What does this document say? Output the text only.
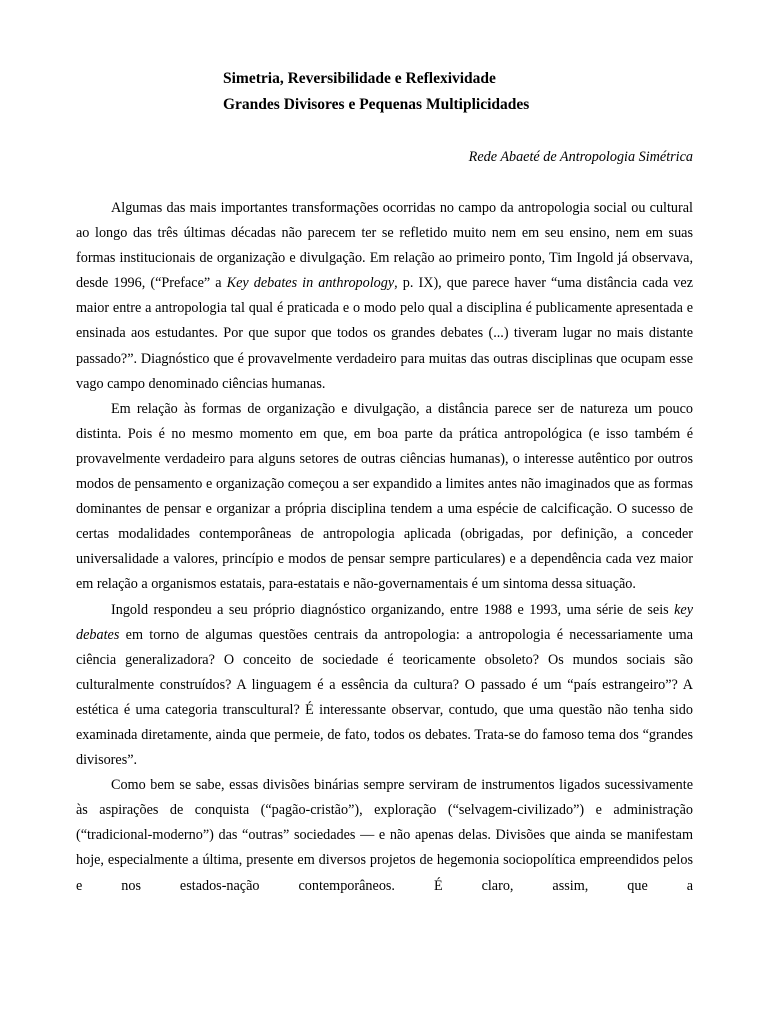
Simetria, Reversibilidade e Reflexividade
Grandes Divisores e Pequenas Multiplicidades
Rede Abaeté de Antropologia Simétrica

Algumas das mais importantes transformações ocorridas no campo da antropologia social ou cultural ao longo das três últimas décadas não parecem ter se refletido muito nem em seu ensino, nem em suas formas institucionais de organização e divulgação. Em relação ao primeiro ponto, Tim Ingold já observava, desde 1996, (“Preface” a Key debates in anthropology, p. IX), que parece haver “uma distância cada vez maior entre a antropologia tal qual é praticada e o modo pelo qual a disciplina é publicamente apresentada e ensinada aos estudantes. Por que supor que todos os grandes debates (...) tiveram lugar no mais distante passado?”. Diagnóstico que é provavelmente verdadeiro para muitas das outras disciplinas que ocupam esse vago campo denominado ciências humanas.

Em relação às formas de organização e divulgação, a distância parece ser de natureza um pouco distinta. Pois é no mesmo momento em que, em boa parte da prática antropológica (e isso também é provavelmente verdadeiro para alguns setores de outras ciências humanas), o interesse autêntico por outros modos de pensamento e organização começou a ser expandido a limites antes não imaginados que as formas dominantes de pensar e organizar a própria disciplina tendem a uma espécie de calcificação. O sucesso de certas modalidades contemporâneas de antropologia aplicada (obrigadas, por definição, a conceder universalidade a valores, princípio e modos de pensar sempre particulares) e a dependência cada vez maior em relação a organismos estatais, para-estatais e não-governamentais é um sintoma dessa situação.

Ingold respondeu a seu próprio diagnóstico organizando, entre 1988 e 1993, uma série de seis key debates em torno de algumas questões centrais da antropologia: a antropologia é necessariamente uma ciência generalizadora? O conceito de sociedade é teoricamente obsoleto? Os mundos sociais são culturalmente construídos? A linguagem é a essência da cultura? O passado é um “país estrangeiro”? A estética é uma categoria transcultural? É interessante observar, contudo, que uma questão não tenha sido examinada diretamente, ainda que permeie, de fato, todos os debates. Trata-se do famoso tema dos “grandes divisores”.

Como bem se sabe, essas divisões binárias sempre serviram de instrumentos ligados sucessivamente às aspirações de conquista (“pagão-cristão”), exploração (“selvagem-civilizado”) e administração (“tradicional-moderno”) das “outras” sociedades — e não apenas delas. Divisões que ainda se manifestam hoje, especialmente a última, presente em diversos projetos de hegemonia sociopolítica empreendidos pelos e nos estados-nação contemporâneos. É claro, assim, que a
